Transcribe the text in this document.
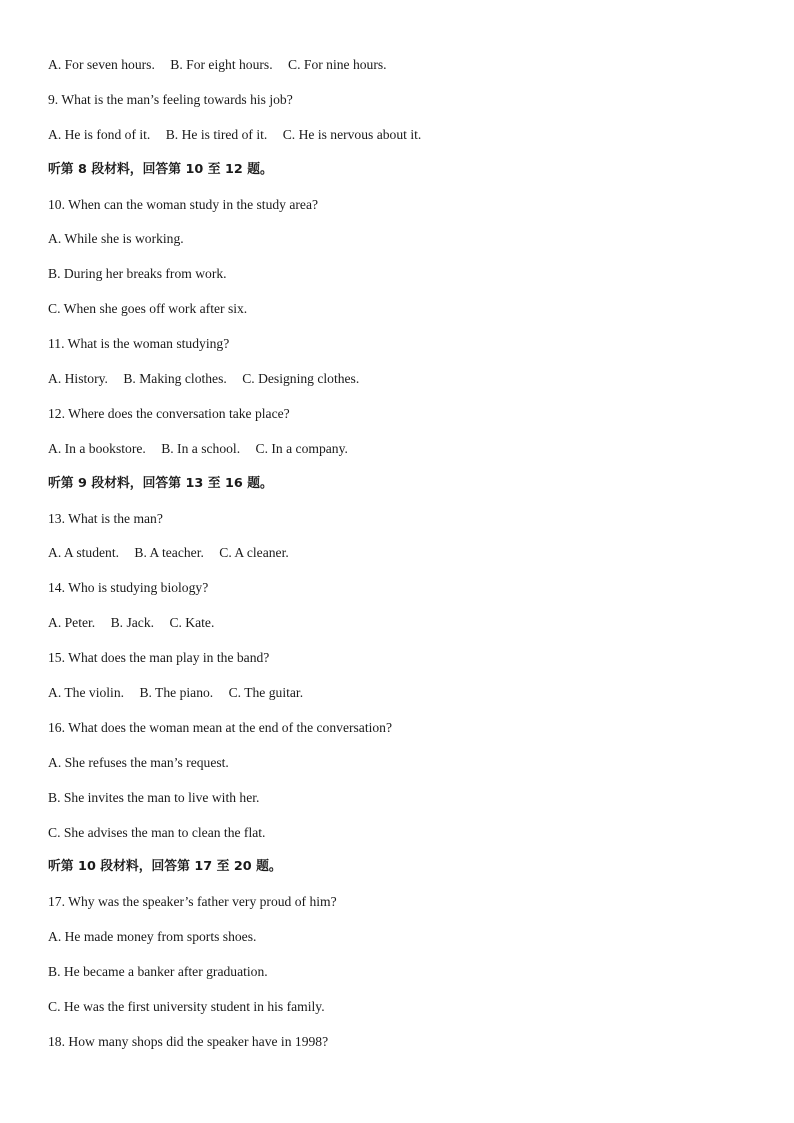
A. For seven hours. B. For eight hours. C. For nine hours.
9. What is the man’s feeling towards his job?
A. He is fond of it. B. He is tired of it. C. He is nervous about it.
听第 8 段材料，回答第 10 至 12 题。
10. When can the woman study in the study area?
A. While she is working.
B. During her breaks from work.
C. When she goes off work after six.
11. What is the woman studying?
A. History. B. Making clothes. C. Designing clothes.
12. Where does the conversation take place?
A. In a bookstore. B. In a school. C. In a company.
听第 9 段材料，回答第 13 至 16 题。
13. What is the man?
A. A student. B. A teacher. C. A cleaner.
14. Who is studying biology?
A. Peter. B. Jack. C. Kate.
15. What does the man play in the band?
A. The violin. B. The piano. C. The guitar.
16. What does the woman mean at the end of the conversation?
A. She refuses the man’s request.
B. She invites the man to live with her.
C. She advises the man to clean the flat.
听第 10 段材料，回答第 17 至 20 题。
17. Why was the speaker’s father very proud of him?
A. He made money from sports shoes.
B. He became a banker after graduation.
C. He was the first university student in his family.
18. How many shops did the speaker have in 1998?
